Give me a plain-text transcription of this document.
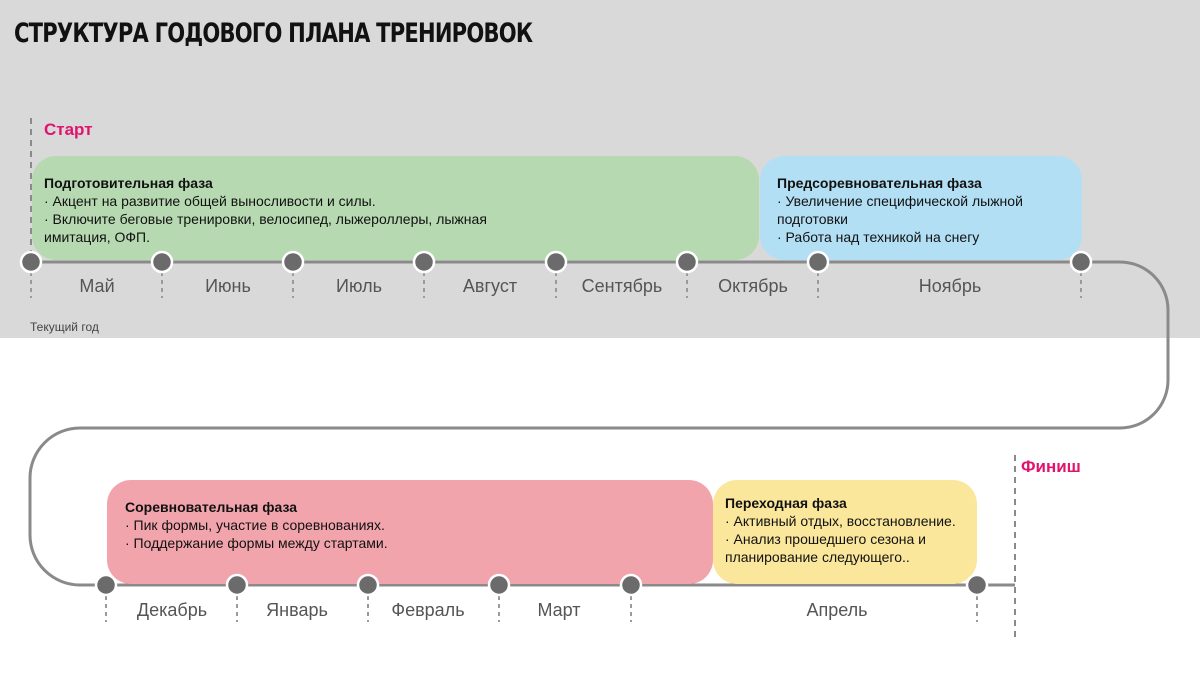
СТРУКТУРА ГОДОВОГО ПЛАНА ТРЕНИРОВОК
Старт
Финиш
Подготовительная фаза
· Акцент на развитие общей выносливости и силы.
· Включите беговые тренировки, велосипед, лыжероллеры, лыжная имитация, ОФП.
Предсоревновательная фаза
· Увеличение специфической лыжной подготовки
· Работа над техникой на снегу
Соревновательная фаза
· Пик формы, участие в соревнованиях.
· Поддержание формы между стартами.
Переходная фаза
· Активный отдых, восстановление.
· Анализ прошедшего сезона и планирование следующего..
Май	Июнь	Июль	Август	Сентябрь	Октябрь	Ноябрь
Текущий год
Декабрь	Январь	Февраль	Март	Апрель
